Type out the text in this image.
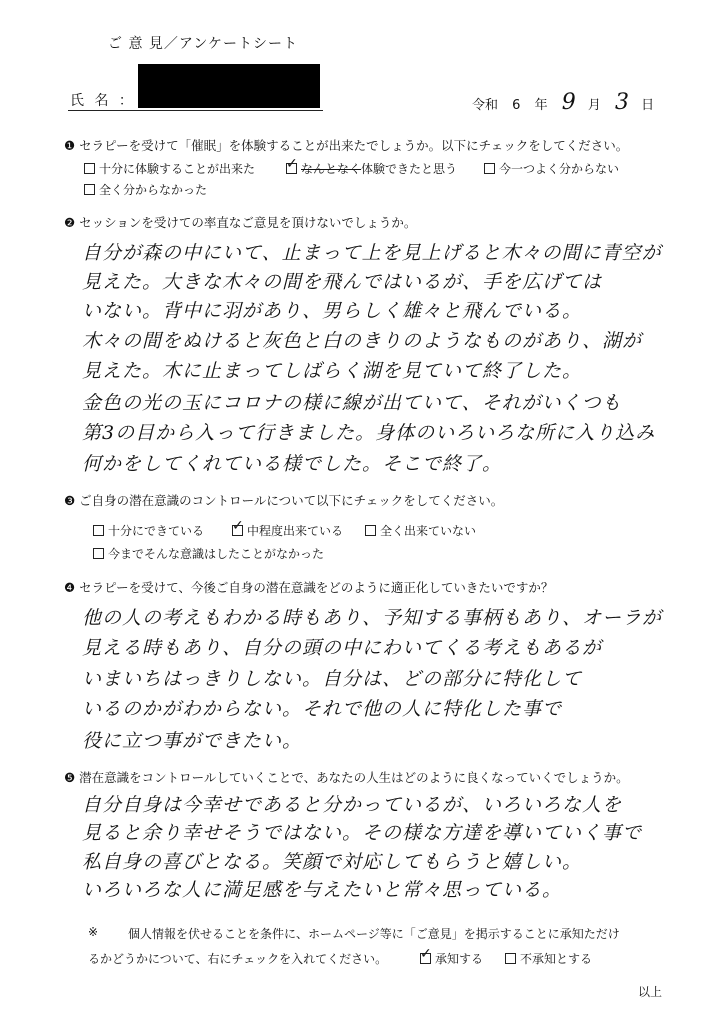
ご 意 見／アンケートシート
氏 名 ：	令和 6 年 9 月 3 日
❶ セラピーを受けて「催眠」を体験することが出来たでしょうか。以下にチェックをしてください。
十分に体験することが出来た ✓	なんとなく体験できたと思う	今一つよく分からない
全く分からなかった
❷ セッションを受けての率直なご意見を頂けないでしょうか。
自分が森の中にいて、止まって上を見上げると木々の間に青空が
見えた。大きな木々の間を飛んではいるが、手を広げては
いない。背中に羽があり、男らしく雄々と飛んでいる。
木々の間をぬけると灰色と白のきりのようなものがあり、湖が
見えた。木に止まってしばらく湖を見ていて終了した。
金色の光の玉にコロナの様に線が出ていて、それがいくつも
第3の目から入って行きました。身体のいろいろな所に入り込み
何かをしてくれている様でした。そこで終了。
❸ ご自身の潜在意識のコントロールについて以下にチェックをしてください。
十分にできている ✓	中程度出来ている	全く出来ていない
今までそんな意識はしたことがなかった
❹ セラピーを受けて、今後ご自身の潜在意識をどのように適正化していきたいですか？
他の人の考えもわかる時もあり、予知する事柄もあり、オーラが
見える時もあり、自分の頭の中にわいてくる考えもあるが
いまいちはっきりしない。自分は、どの部分に特化して
いるのかがわからない。それで他の人に特化した事で
役に立つ事ができたい。
❺ 潜在意識をコントロールしていくことで、あなたの人生はどのように良くなっていくでしょうか。
自分自身は今幸せであると分かっているが、いろいろな人を
見ると余り幸せそうではない。その様な方達を導いていく事で
私自身の喜びとなる。笑顔で対応してもらうと嬉しい。
いろいろな人に満足感を与えたいと常々思っている。
※ 個人情報を伏せることを条件に、ホームページ等に「ご意見」を掲示することに承知ただけ
るかどうかについて、右にチェックを入れてください。 ✓	承知する	不承知とする
以上
